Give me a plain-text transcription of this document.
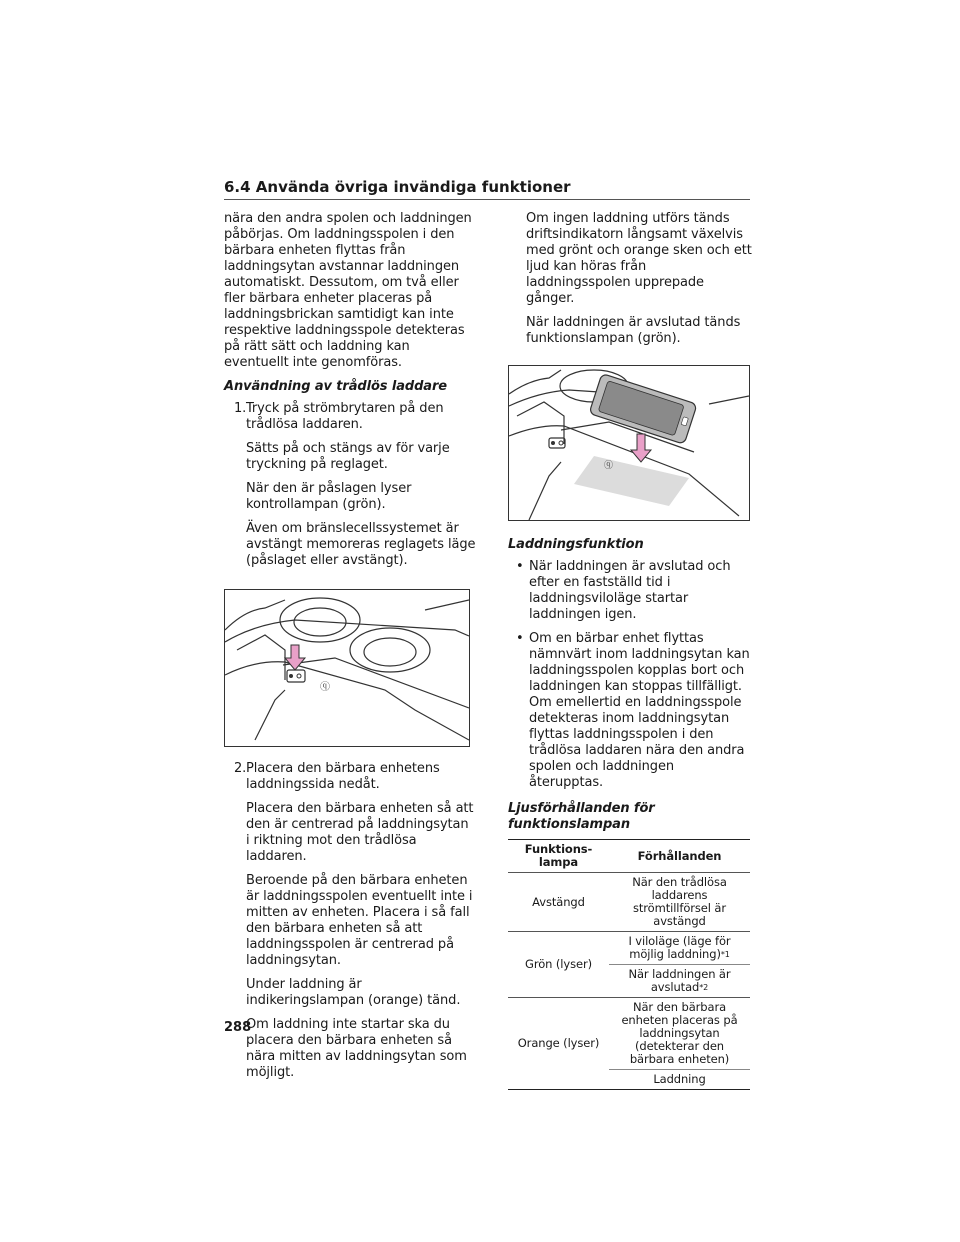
6.4 Använda övriga invändiga funktioner

nära den andra spolen och laddningen påbörjas. Om laddningsspolen i den bärbara enheten flyttas från laddningsytan avstannar laddningen automatiskt. Dessutom, om två eller fler bärbara enheter placeras på laddningsbrickan samtidigt kan inte respektive laddningsspole detekteras på rätt sätt och laddning kan eventuellt inte genomföras.

Användning av trådlös laddare

1. Tryck på strömbrytaren på den trådlösa laddaren.

Sätts på och stängs av för varje tryckning på reglaget.

När den är påslagen lyser kontrollampan (grön).

Även om bränslecellssystemet är avstängt memoreras reglagets läge (påslaget eller avstängt).

ⓠ
2. Placera den bärbara enhetens laddningssida nedåt.

Placera den bärbara enheten så att den är centrerad på laddningsytan i riktning mot den trådlösa laddaren.

Beroende på den bärbara enheten är laddningsspolen eventuellt inte i mitten av enheten. Placera i så fall den bärbara enheten så att laddningsspolen är centrerad på laddningsytan.

Under laddning är indikeringslampan (orange) tänd.

Om laddning inte startar ska du placera den bärbara enheten så nära mitten av laddningsytan som möjligt.

Om ingen laddning utförs tänds driftsindikatorn långsamt växelvis med grönt och orange sken och ett ljud kan höras från laddningsspolen upprepade gånger.

När laddningen är avslutad tänds funktionslampan (grön).

ⓠ

Laddningsfunktion

• När laddningen är avslutad och efter en fastställd tid i laddningsviloläge startar laddningen igen.
• Om en bärbar enhet flyttas nämnvärt inom laddningsytan kan laddningsspolen kopplas bort och laddningen kan stoppas tillfälligt. Om emellertid en laddningsspole detekteras inom laddningsytan flyttas laddningsspolen i den trådlösa laddaren nära den andra spolen och laddningen återupptas.

Ljusförhållanden för funktionslampan

Funktions-lampa	Förhållanden
Avstängd	När den trådlösa laddarens strömtillförsel är avstängd
Grön (lyser)	I viloläge (läge för möjlig laddning)$^{*1}$
	När laddningen är avslutad$^{*2}$
Orange (lyser)	När den bärbara enheten placeras på laddningsytan (detekterar den bärbara enheten)
	Laddning
288
